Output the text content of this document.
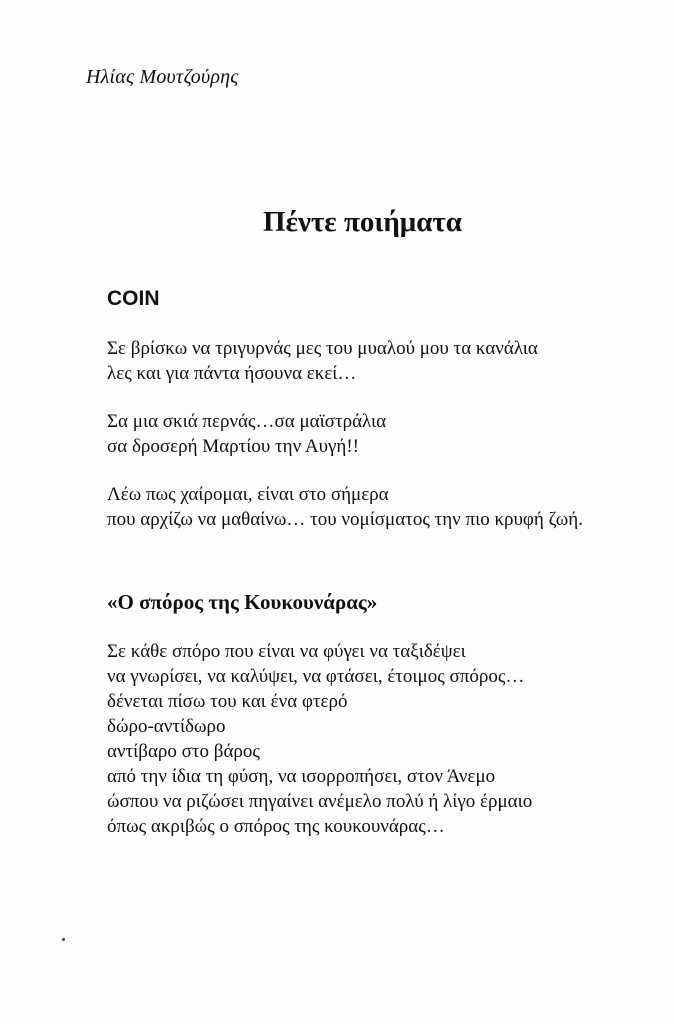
Ηλίας Μουτζούρης
Πέντε ποιήματα
COIN
Σε βρίσκω να τριγυρνάς μες του μυαλού μου τα κανάλια
λες και για πάντα ήσουνα εκεί…
Σα μια σκιά περνάς…σα μαϊστράλια
σα δροσερή Μαρτίου την Αυγή!!
Λέω πως χαίρομαι, είναι στο σήμερα
που αρχίζω να μαθαίνω… του νομίσματος την πιο κρυφή ζωή.
«Ο σπόρος της Κουκουνάρας»
Σε κάθε σπόρο που είναι να φύγει να ταξιδέψει
να γνωρίσει, να καλύψει, να φτάσει, έτοιμος σπόρος…
δένεται πίσω του και ένα φτερό
δώρο-αντίδωρο
αντίβαρο στο βάρος
από την ίδια τη φύση, να ισορροπήσει, στον Άνεμο
ώσπου να ριζώσει πηγαίνει ανέμελο πολύ ή λίγο έρμαιο
όπως ακριβώς ο σπόρος της κουκουνάρας…
